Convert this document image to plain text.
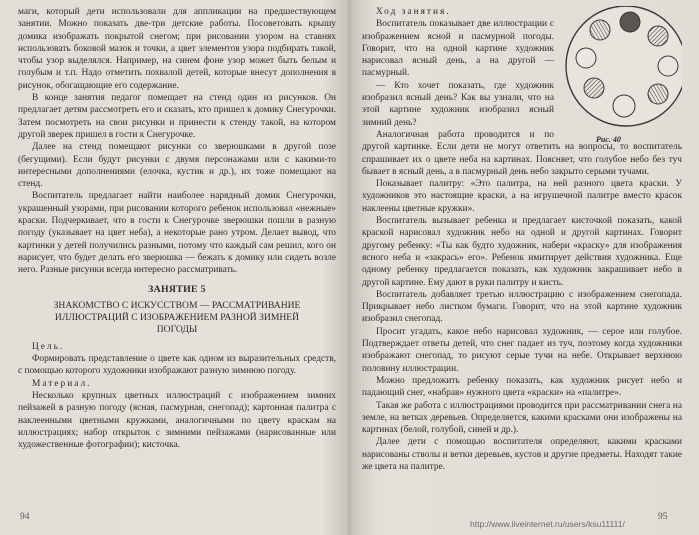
маги, который дети использовали для аппликации на предшествующем занятии. Можно показать две-три детские работы. Посоветовать крышу домика изображать покрытой снегом; при рисовании узором на ставнях использовать боковой мазок и точки, а цвет элементов узора подбирать такой, чтобы узор выделялся. Например, на синем фоне узор может быть белым и голубым и т.п. Надо отметить похвалой детей, которые внесут дополнения в рисунок, обогащающие его содержание.

В конце занятия педагог помещает на стенд один из рисунков. Он предлагает детям рассмотреть его и сказать, кто пришел к домику Снегурочки. Затем посмотреть на свои рисунки и принести к стенду такой, на котором другой зверек пришел в гости к Снегурочке.

Далее на стенд помещают рисунки со зверюшками в другой позе (бегущими). Если будут рисунки с двумя персонажами или с какими-то интересными дополнениями (елочка, кустик и др.), их тоже помещают на стенд.

Воспитатель предлагает найти наиболее нарядный домик Снегурочки, украшенный узорами, при рисовании которого ребенок использовал «нежные» краски. Подчеркивает, что в гости к Снегурочке зверюшки пошли в разную погоду (указывает на цвет неба), а некоторые рано утром. Делает вывод, что картинки у детей получились разными, потому что каждый сам решил, кого он нарисует, что будет делать его зверюшка — бежать к домику или сидеть возле него. Разные рисунки всегда интересно рассматривать.

ЗАНЯТИЕ 5
ЗНАКОМСТВО С ИСКУССТВОМ — РАССМАТРИВАНИЕ
ИЛЛЮСТРАЦИЙ С ИЗОБРАЖЕНИЕМ РАЗНОЙ ЗИМНЕЙ
ПОГОДЫ

Цель.

Формировать представление о цвете как одном из выразительных средств, с помощью которого художники изображают разную зимнюю погоду.

Материал.

Несколько крупных цветных иллюстраций с изображением зимних пейзажей в разную погоду (ясная, пасмурная, снегопад); картонная палитра с наклеенными цветными кружками, аналогичными по цвету краскам на иллюстрациях; набор открыток с зимними пейзажами (нарисованные или художественные фотографии); кисточка.

94
Рис. 40

Ход занятия.

Воспитатель показывает две иллюстрации с изображением ясной и пасмурной погоды. Говорит, что на одной картине художник нарисовал ясный день, а на другой — пасмурный.

— Кто хочет показать, где художник изобразил ясный день? Как вы узнали, что на этой картине художник изобразил ясный зимний день?

Аналогичная работа проводится и по другой картинке. Если дети не могут ответить на вопросы, то воспитатель спрашивает их о цвете неба на картинах. Поясняет, что голубое небо без туч бывает в ясный день, а в пасмурный день небо закрыто серыми тучами.

Показывает палитру: «Это палитра, на ней разного цвета краски. У художников это настоящие краски, а на игрушечной палитре вместо красок наклеены цветные кружки».

Воспитатель вызывает ребенка и предлагает кисточкой показать, какой краской нарисовал художник небо на одной и другой картинах. Говорит другому ребенку: «Ты как будто художник, набери «краску» для изображения ясного неба и «закрась» его». Ребенок имитирует действия художника. Еще одному ребенку предлагается показать, как художник закрашивает небо в другой картине. Ему дают в руки палитру и кисть.

Воспитатель добавляет третью иллюстрацию с изображением снегопада. Прикрывает небо листком бумаги. Говорит, что на этой картине художник изобразил снегопад.

Просит угадать, какое небо нарисовал художник, — серое или голубое. Подтверждает ответы детей, что снег падает из туч, поэтому когда художники изображают снегопад, то рисуют серые тучи на небе. Открывает верхнюю половину иллюстрации.

Можно предложить ребенку показать, как художник рисует небо и падающий снег, «набрав» нужного цвета «краски» на «палитре».

Такая же работа с иллюстрациями проводится при рассматривании снега на земле, на ветках деревьев. Определяется, какими красками они изображены на картинах (белой, голубой, синей и др.).

Далее дети с помощью воспитателя определяют, какими красками нарисованы стволы и ветки деревьев, кустов и другие предметы. Находят такие же цвета на палитре.

95
http://www.liveinternet.ru/users/ksu11111/
